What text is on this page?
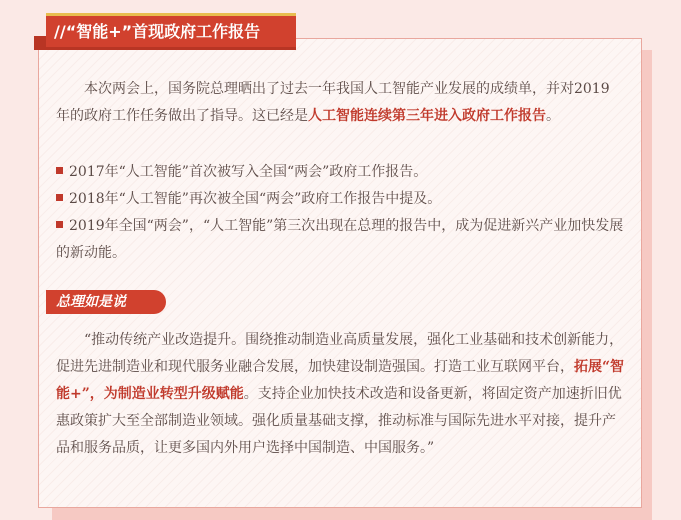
//“智能+”首现政府工作报告

本次两会上，国务院总理晒出了过去一年我国人工智能产业发展的成绩单，并对2019 年的政府工作任务做出了指导。这已经是人工智能连续第三年进入政府工作报告。

2017年“人工智能”首次被写入全国“两会”政府工作报告。

2018年“人工智能”再次被全国“两会”政府工作报告中提及。

2019年全国“两会”，“人工智能”第三次出现在总理的报告中，成为促进新兴产业加快发展的新动能。

总理如是说

“推动传统产业改造提升。围绕推动制造业高质量发展，强化工业基础和技术创新能力，促进先进制造业和现代服务业融合发展，加快建设制造强国。打造工业互联网平台，拓展“智能+”，为制造业转型升级赋能。支持企业加快技术改造和设备更新，将固定资产加速折旧优惠政策扩大至全部制造业领域。强化质量基础支撑，推动标准与国际先进水平对接，提升产品和服务品质，让更多国内外用户选择中国制造、中国服务。”
